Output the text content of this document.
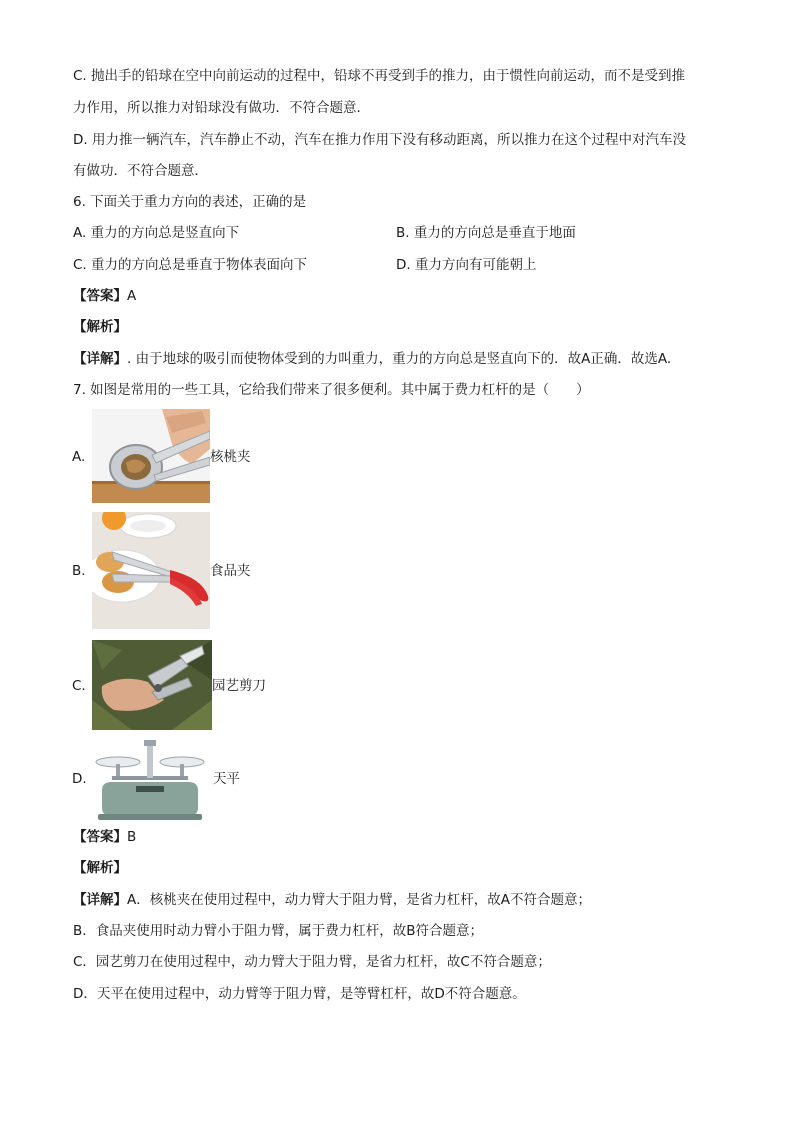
C. 抛出手的铅球在空中向前运动的过程中，铅球不再受到手的推力，由于惯性向前运动，而不是受到推
力作用，所以推力对铅球没有做功．不符合题意．
D. 用力推一辆汽车，汽车静止不动，汽车在推力作用下没有移动距离，所以推力在这个过程中对汽车没
有做功．不符合题意．
6. 下面关于重力方向的表述，正确的是
A. 重力的方向总是竖直向下	B. 重力的方向总是垂直于地面
C. 重力的方向总是垂直于物体表面向下	D. 重力方向有可能朝上
【答案】A
【解析】
【详解】. 由于地球的吸引而使物体受到的力叫重力，重力的方向总是竖直向下的．故A正确．故选A.
7. 如图是常用的一些工具，它给我们带来了很多便利。其中属于费力杠杆的是（　　）
A.	核桃夹
B.	食品夹
C.	园艺剪刀
D.	天平
【答案】B
【解析】
【详解】A．核桃夹在使用过程中，动力臂大于阻力臂，是省力杠杆，故A不符合题意；
B．食品夹使用时动力臂小于阻力臂，属于费力杠杆，故B符合题意；
C．园艺剪刀在使用过程中，动力臂大于阻力臂，是省力杠杆，故C不符合题意；
D．天平在使用过程中，动力臂等于阻力臂，是等臂杠杆，故D不符合题意。
